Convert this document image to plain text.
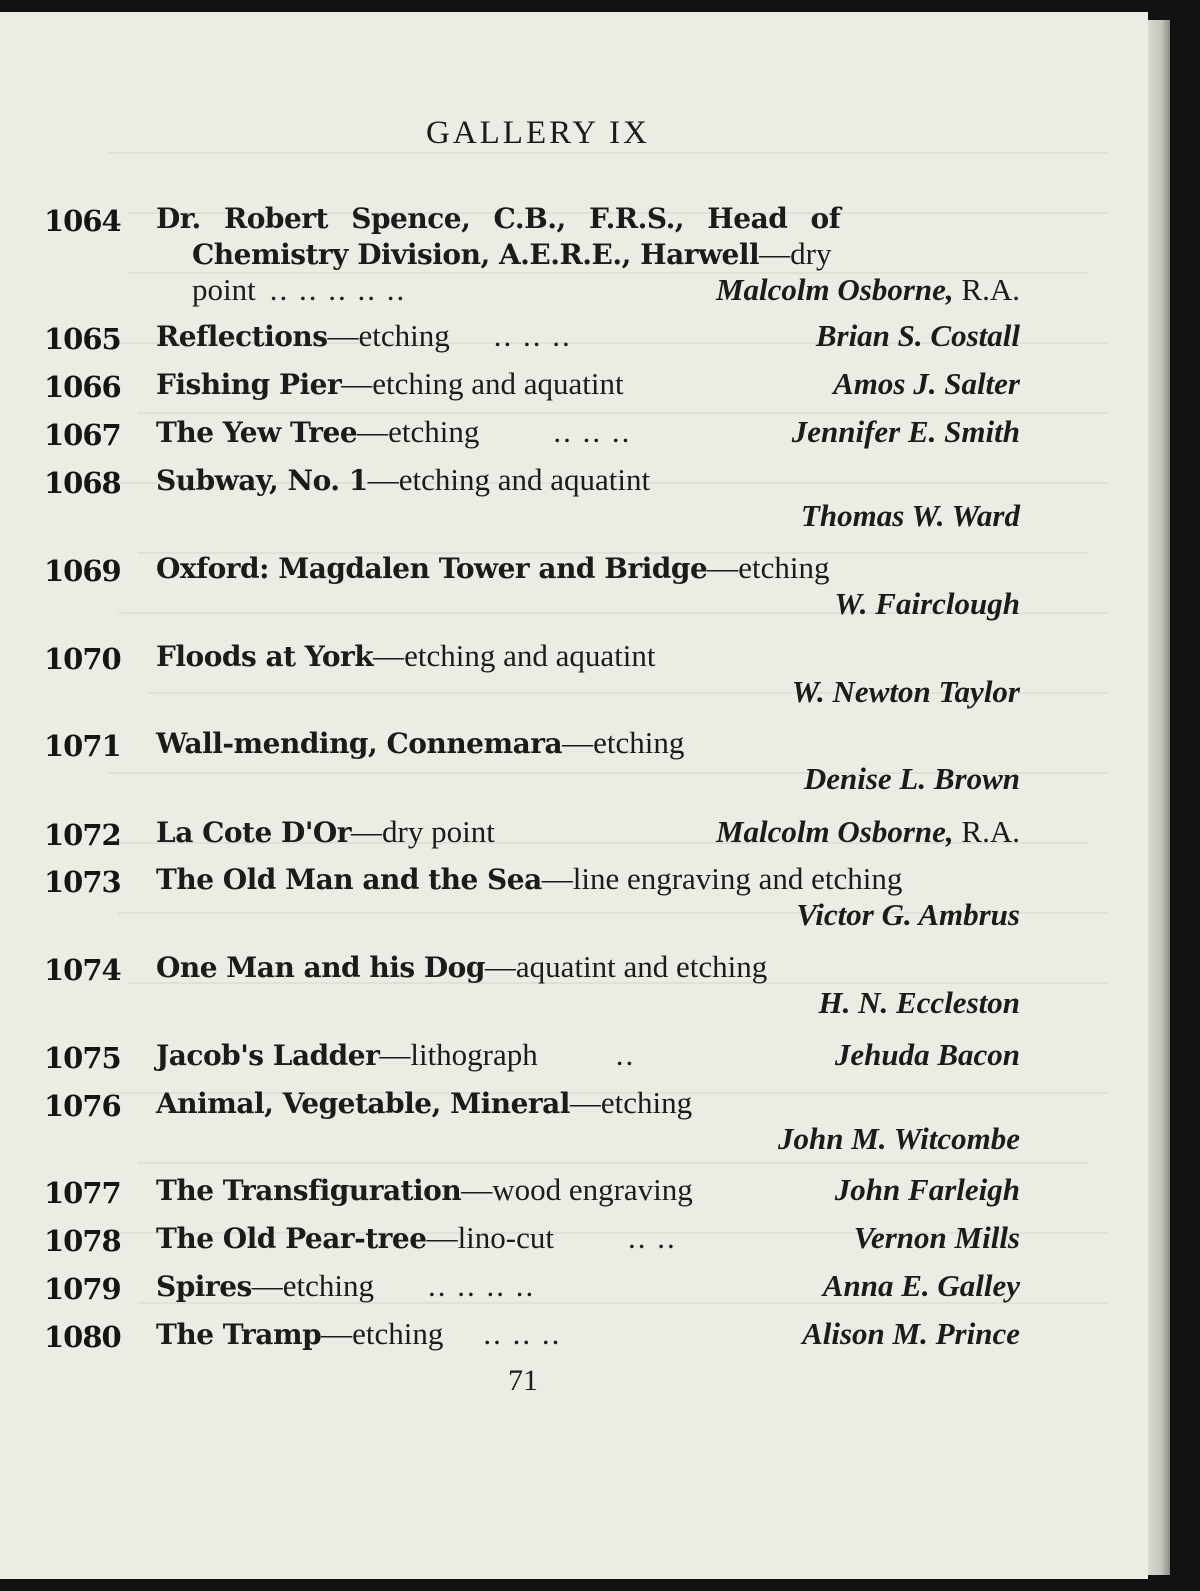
GALLERY IX
1064 Dr. Robert Spence, C.B., F.R.S., Head of
Chemistry Division, A.E.R.E., Harwell—dry
point .. .. .. .. ..	Malcolm Osborne, R.A.
1065 Reflections—etching .. .. ..	Brian S. Costall
1066 Fishing Pier—etching and aquatint	Amos J. Salter
1067 The Yew Tree—etching .. .. ..	Jennifer E. Smith
1068 Subway, No. 1—etching and aquatint
Thomas W. Ward
1069 Oxford: Magdalen Tower and Bridge—etching
W. Fairclough
1070 Floods at York—etching and aquatint
W. Newton Taylor
1071 Wall-mending, Connemara—etching
Denise L. Brown
1072 La Cote D'Or—dry point	Malcolm Osborne, R.A.
1073 The Old Man and the Sea—line engraving and etching
Victor G. Ambrus
1074 One Man and his Dog—aquatint and etching
H. N. Eccleston
1075 Jacob's Ladder—lithograph	..	Jehuda Bacon
1076 Animal, Vegetable, Mineral—etching
John M. Witcombe
1077 The Transfiguration—wood engraving	John Farleigh
1078 The Old Pear-tree—lino-cut .. ..	Vernon Mills
1079 Spires—etching .. .. .. ..	Anna E. Galley
1080 The Tramp—etching .. .. ..	Alison M. Prince
71
